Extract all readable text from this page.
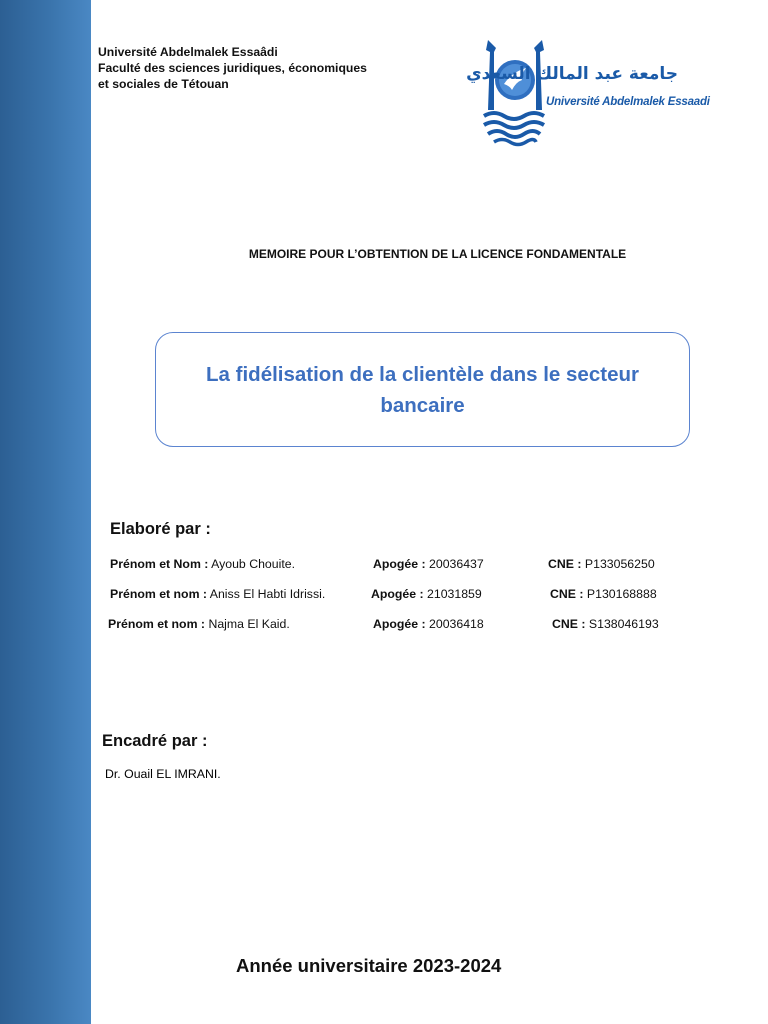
Université Abdelmalek Essaâdi
Faculté des sciences juridiques, économiques
et sociales de Tétouan	جامعة عبد المالك السعدي
Université Abdelmalek Essaadi
MEMOIRE POUR L’OBTENTION DE LA LICENCE FONDAMENTALE
La fidélisation de la clientèle dans le secteur bancaire
Elaboré par :
Prénom et Nom : Ayoub Chouite.	Apogée : 20036437	CNE : P133056250
Prénom et nom : Aniss El Habti Idrissi.	Apogée : 21031859	CNE : P130168888
Prénom et nom : Najma El Kaid.	Apogée : 20036418	CNE : S138046193
Encadré par :
Dr. Ouail EL IMRANI.
Année universitaire 2023-2024
